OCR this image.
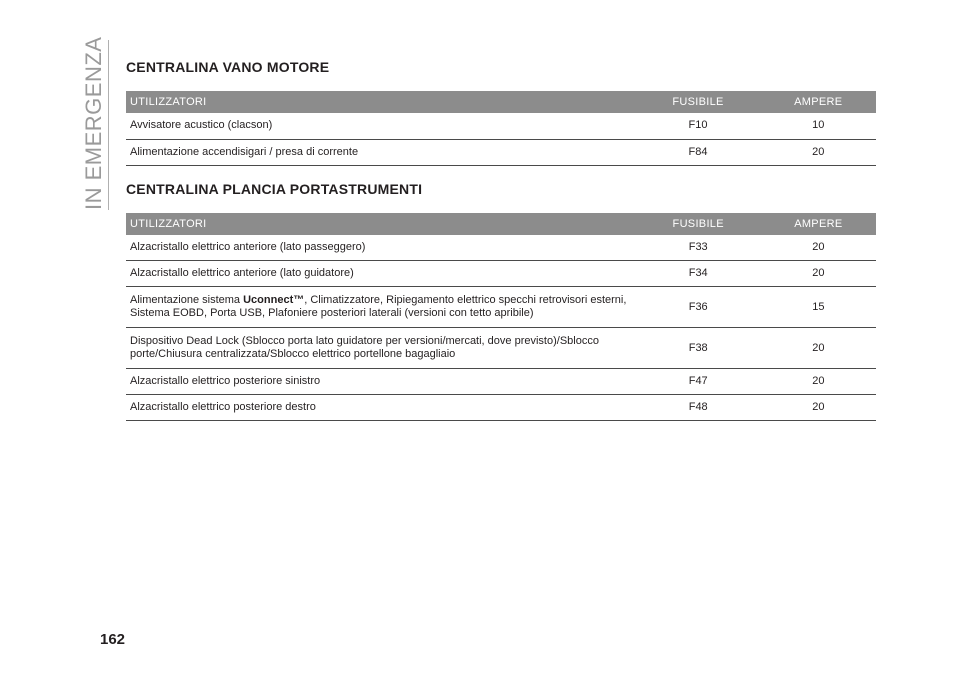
IN EMERGENZA CENTRALINA VANO MOTORE
UTILIZZATORI	FUSIBILE	AMPERE
Avvisatore acustico (clacson)	F10	10
Alimentazione accendisigari / presa di corrente	F84	20
CENTRALINA PLANCIA PORTASTRUMENTI
UTILIZZATORI	FUSIBILE	AMPERE
Alzacristallo elettrico anteriore (lato passeggero)	F33	20
Alzacristallo elettrico anteriore (lato guidatore)	F34	20
Alimentazione sistema Uconnect™, Climatizzatore, Ripiegamento elettrico specchi retrovisori esterni, Sistema EOBD, Porta USB, Plafoniere posteriori laterali (versioni con tetto apribile)	F36	15
Dispositivo Dead Lock (Sblocco porta lato guidatore per versioni/mercati, dove previsto)/Sblocco porte/Chiusura centralizzata/Sblocco elettrico portellone bagagliaio	F38	20
Alzacristallo elettrico posteriore sinistro	F47	20
Alzacristallo elettrico posteriore destro	F48	20
162
